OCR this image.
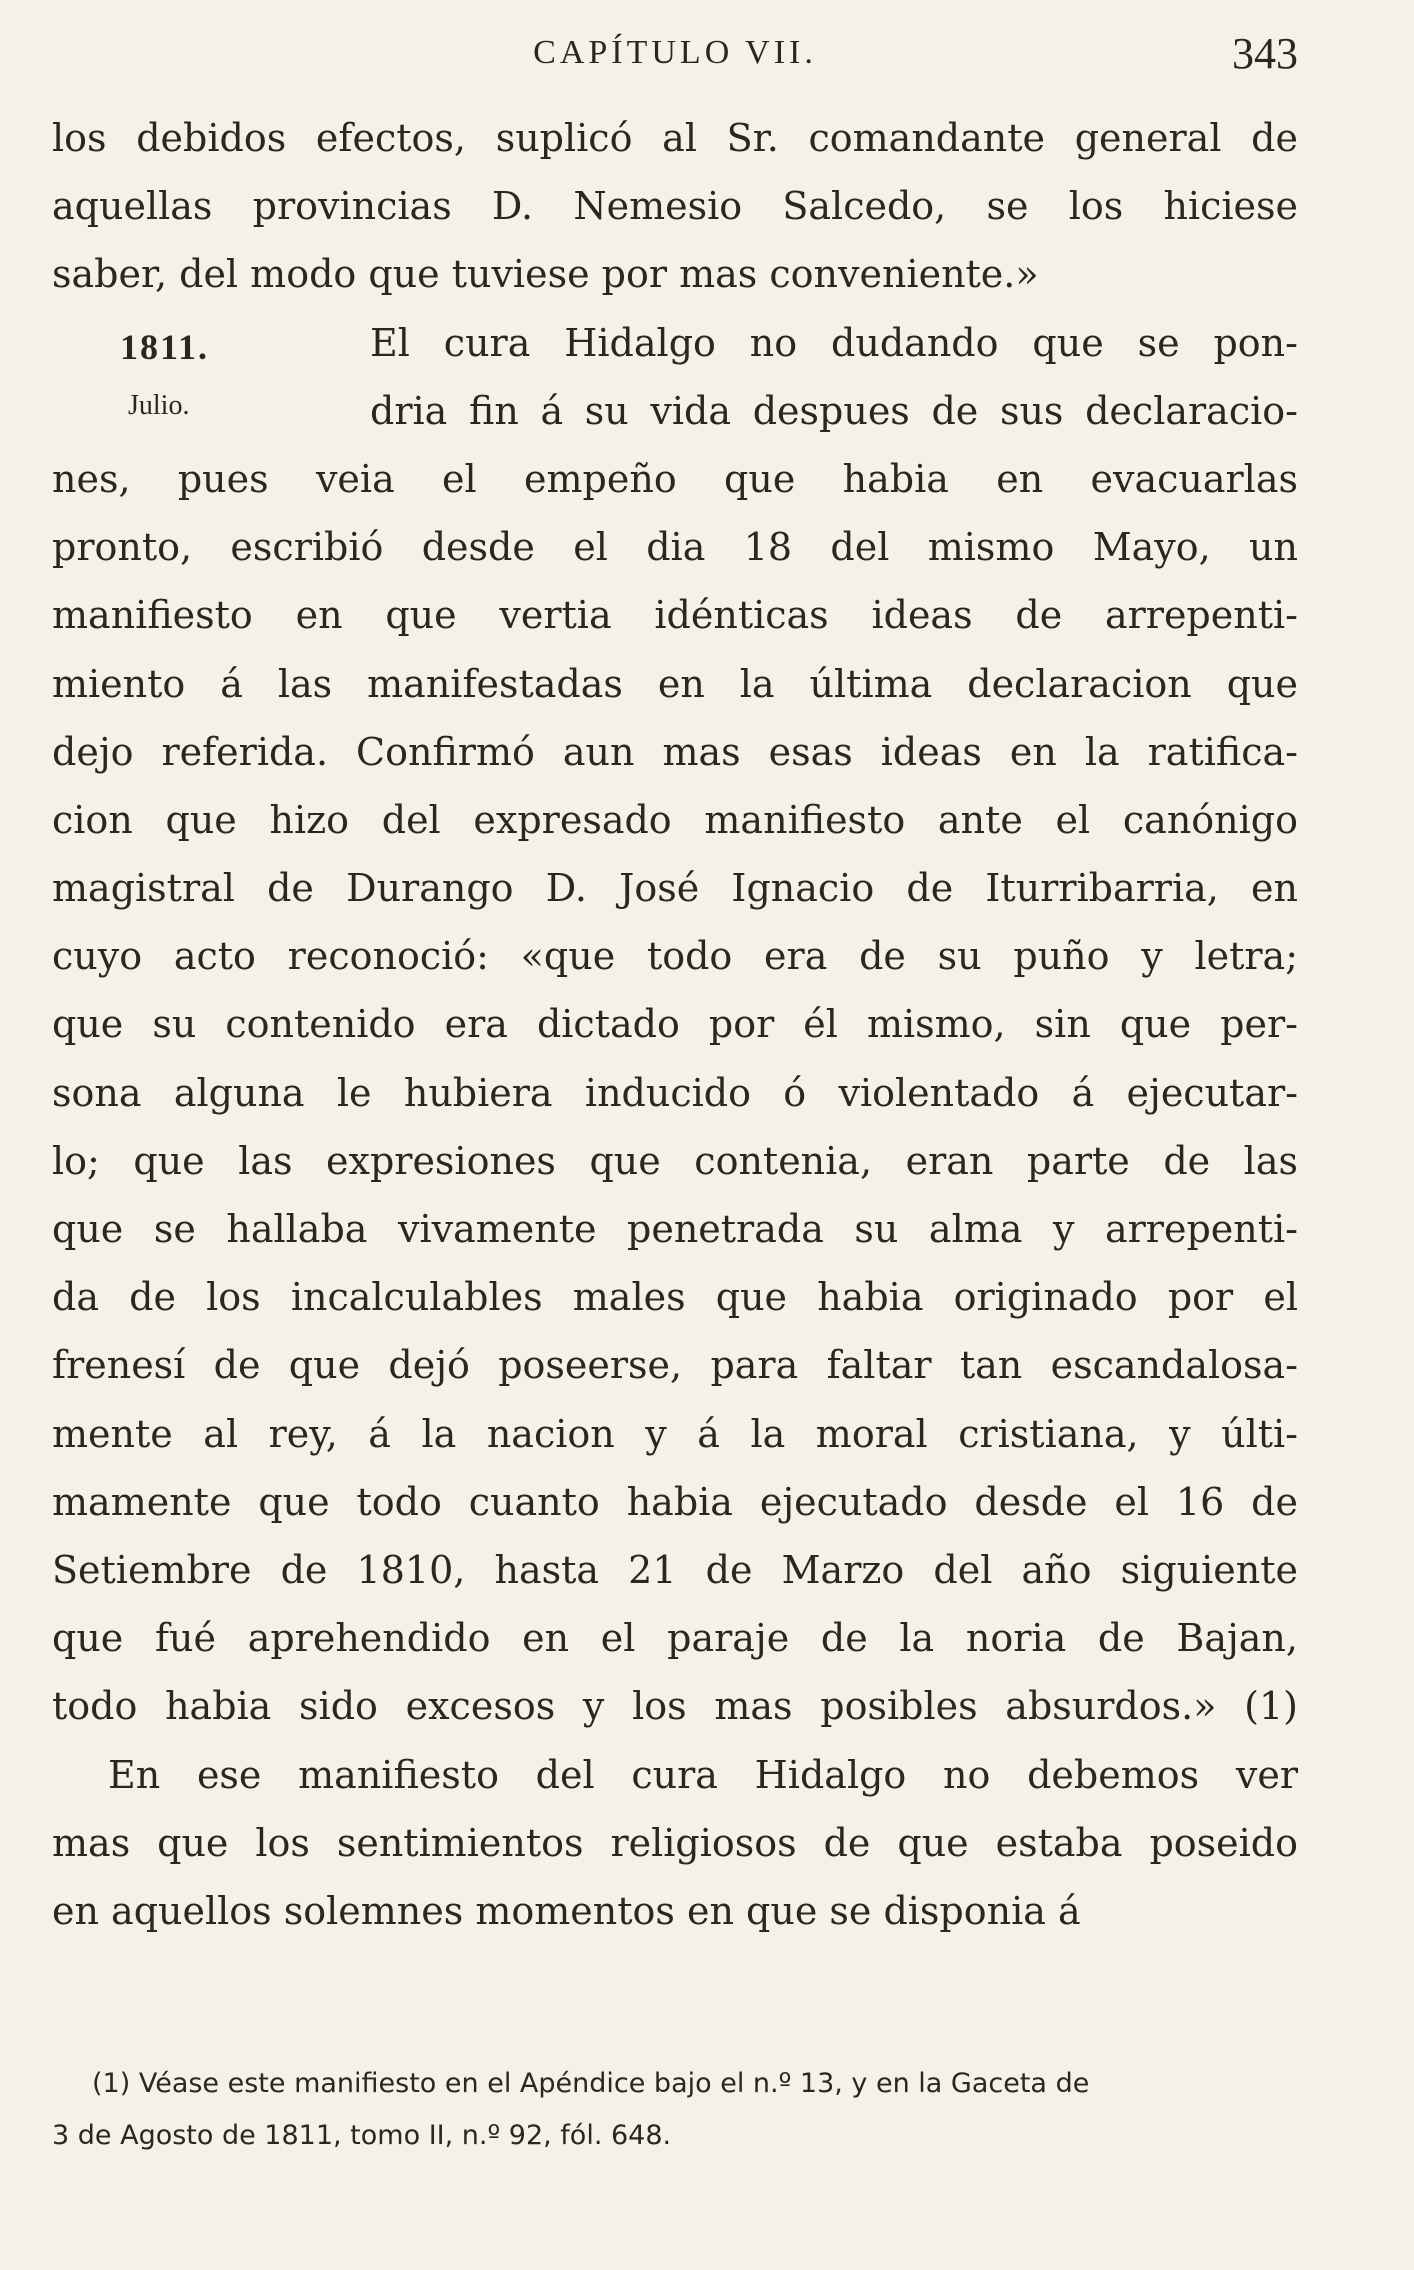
CAPÍTULO VII.	343
1811.
Julio.
los debidos efectos, suplicó al Sr. comandante general de
aquellas provincias D. Nemesio Salcedo, se los hiciese
saber, del modo que tuviese por mas conveniente.»
El cura Hidalgo no dudando que se pon-
dria fin á su vida despues de sus declaracio-
nes, pues veia el empeño que habia en evacuarlas
pronto, escribió desde el dia 18 del mismo Mayo, un
manifiesto en que vertia idénticas ideas de arrepenti-
miento á las manifestadas en la última declaracion que
dejo referida. Confirmó aun mas esas ideas en la ratifica-
cion que hizo del expresado manifiesto ante el canónigo
magistral de Durango D. José Ignacio de Iturribarria, en
cuyo acto reconoció: «que todo era de su puño y letra;
que su contenido era dictado por él mismo, sin que per-
sona alguna le hubiera inducido ó violentado á ejecutar-
lo; que las expresiones que contenia, eran parte de las
que se hallaba vivamente penetrada su alma y arrepenti-
da de los incalculables males que habia originado por el
frenesí de que dejó poseerse, para faltar tan escandalosa-
mente al rey, á la nacion y á la moral cristiana, y últi-
mamente que todo cuanto habia ejecutado desde el 16 de
Setiembre de 1810, hasta 21 de Marzo del año siguiente
que fué aprehendido en el paraje de la noria de Bajan,
todo habia sido excesos y los mas posibles absurdos.» (1)
En ese manifiesto del cura Hidalgo no debemos ver
mas que los sentimientos religiosos de que estaba poseido
en aquellos solemnes momentos en que se disponia á
(1) Véase este manifiesto en el Apéndice bajo el n.º 13, y en la Gaceta de
3 de Agosto de 1811, tomo II, n.º 92, fól. 648.
